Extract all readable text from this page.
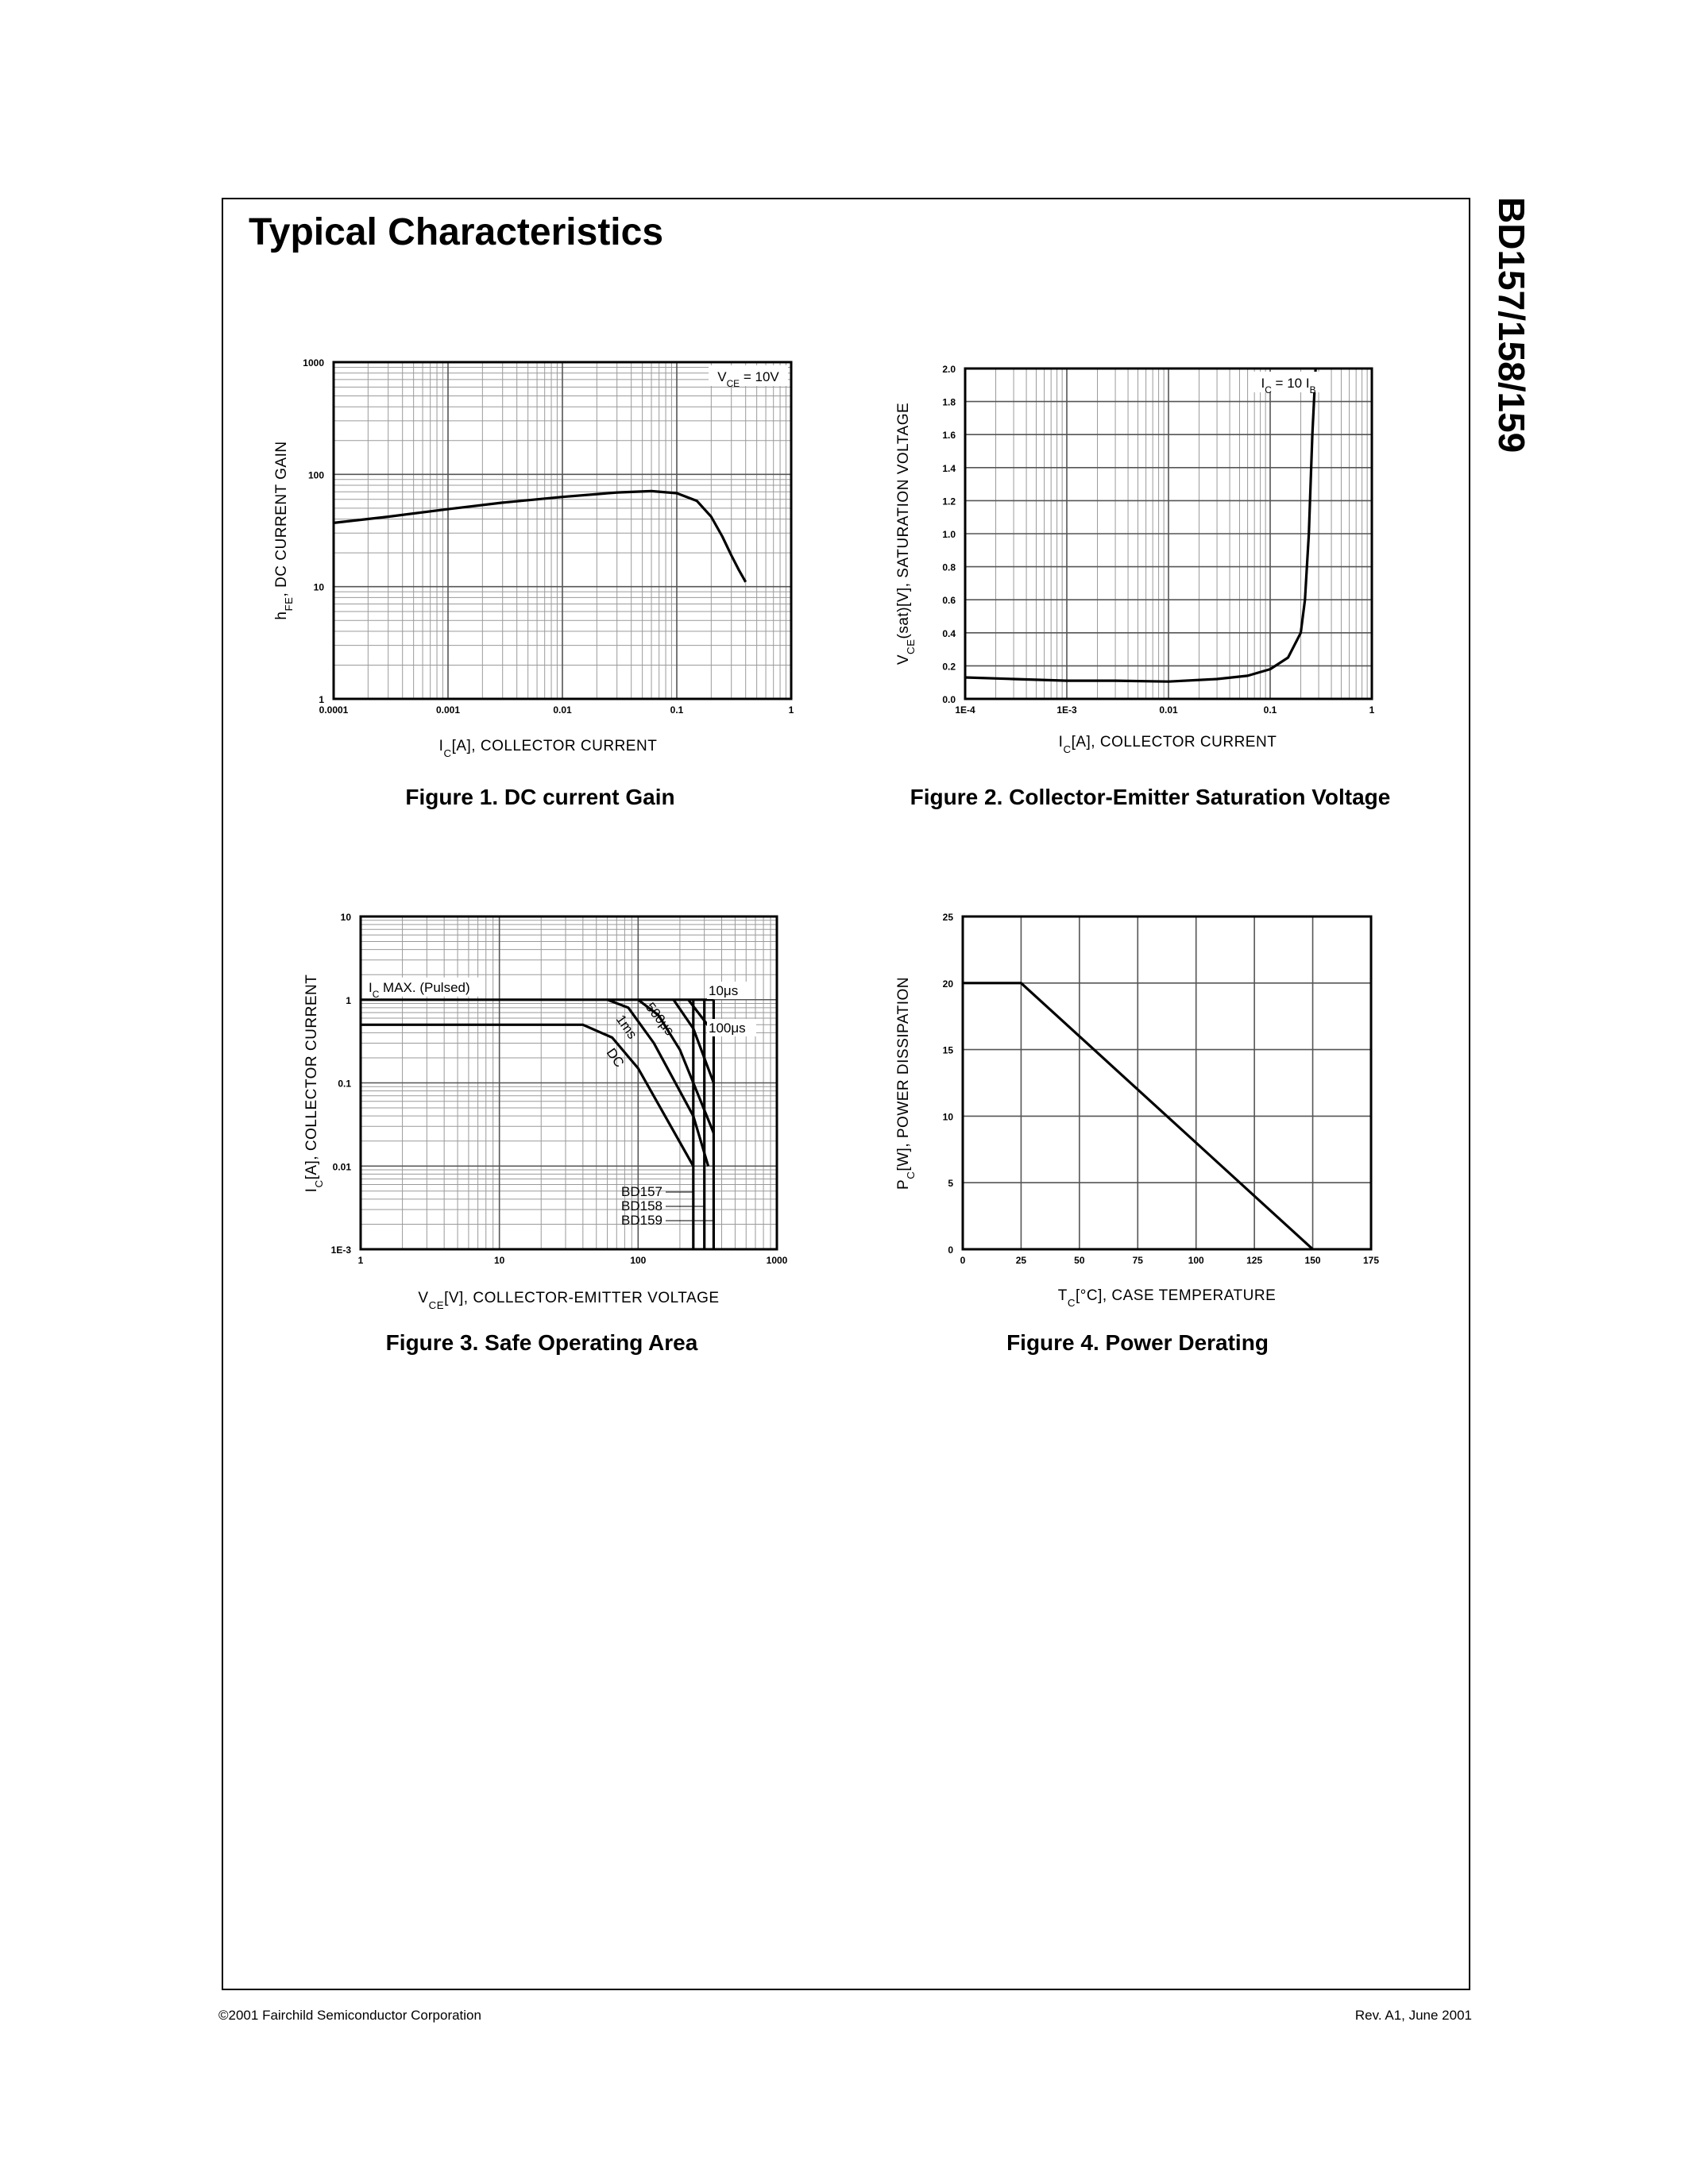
Typical Characteristics	BD157/158/159
0.0001	0.001	0.01	0.1	1
1
10
100
1000
$I_C[A]$, COLLECTOR CURRENT
$h_{FE}$, DC CURRENT GAIN
$V_{CE} = 10V$
1E-4	1E-3	0.01	0.1	1
0.0
0.2
0.4
0.6
0.8
1.0
1.2
1.4
1.6
1.8
2.0
$I_C[A]$, COLLECTOR CURRENT
$V_{CE}(sat)[V]$, SATURATION VOLTAGE
$I_C = 10$ $I_B$
1	10	100	1000
1E-3
0.01
0.1
1
10
$V_{CE}[V]$, COLLECTOR-EMITTER VOLTAGE
$I_C[A]$, COLLECTOR CURRENT	$I_C$ MAX. (Pulsed)	10μs
100μs
500μs
1ms
DC
BD157
BD158
BD159
0	25	50	75	100	125	150	175
0
5
10
15
20
25
$T_C[^\circ C]$, CASE TEMPERATURE
$P_C[W]$, POWER DISSIPATION
Figure 1. DC current Gain	Figure 2. Collector-Emitter Saturation Voltage
Figure 3. Safe Operating Area	Figure 4. Power Derating
©2001 Fairchild Semiconductor Corporation	Rev. A1, June 2001
